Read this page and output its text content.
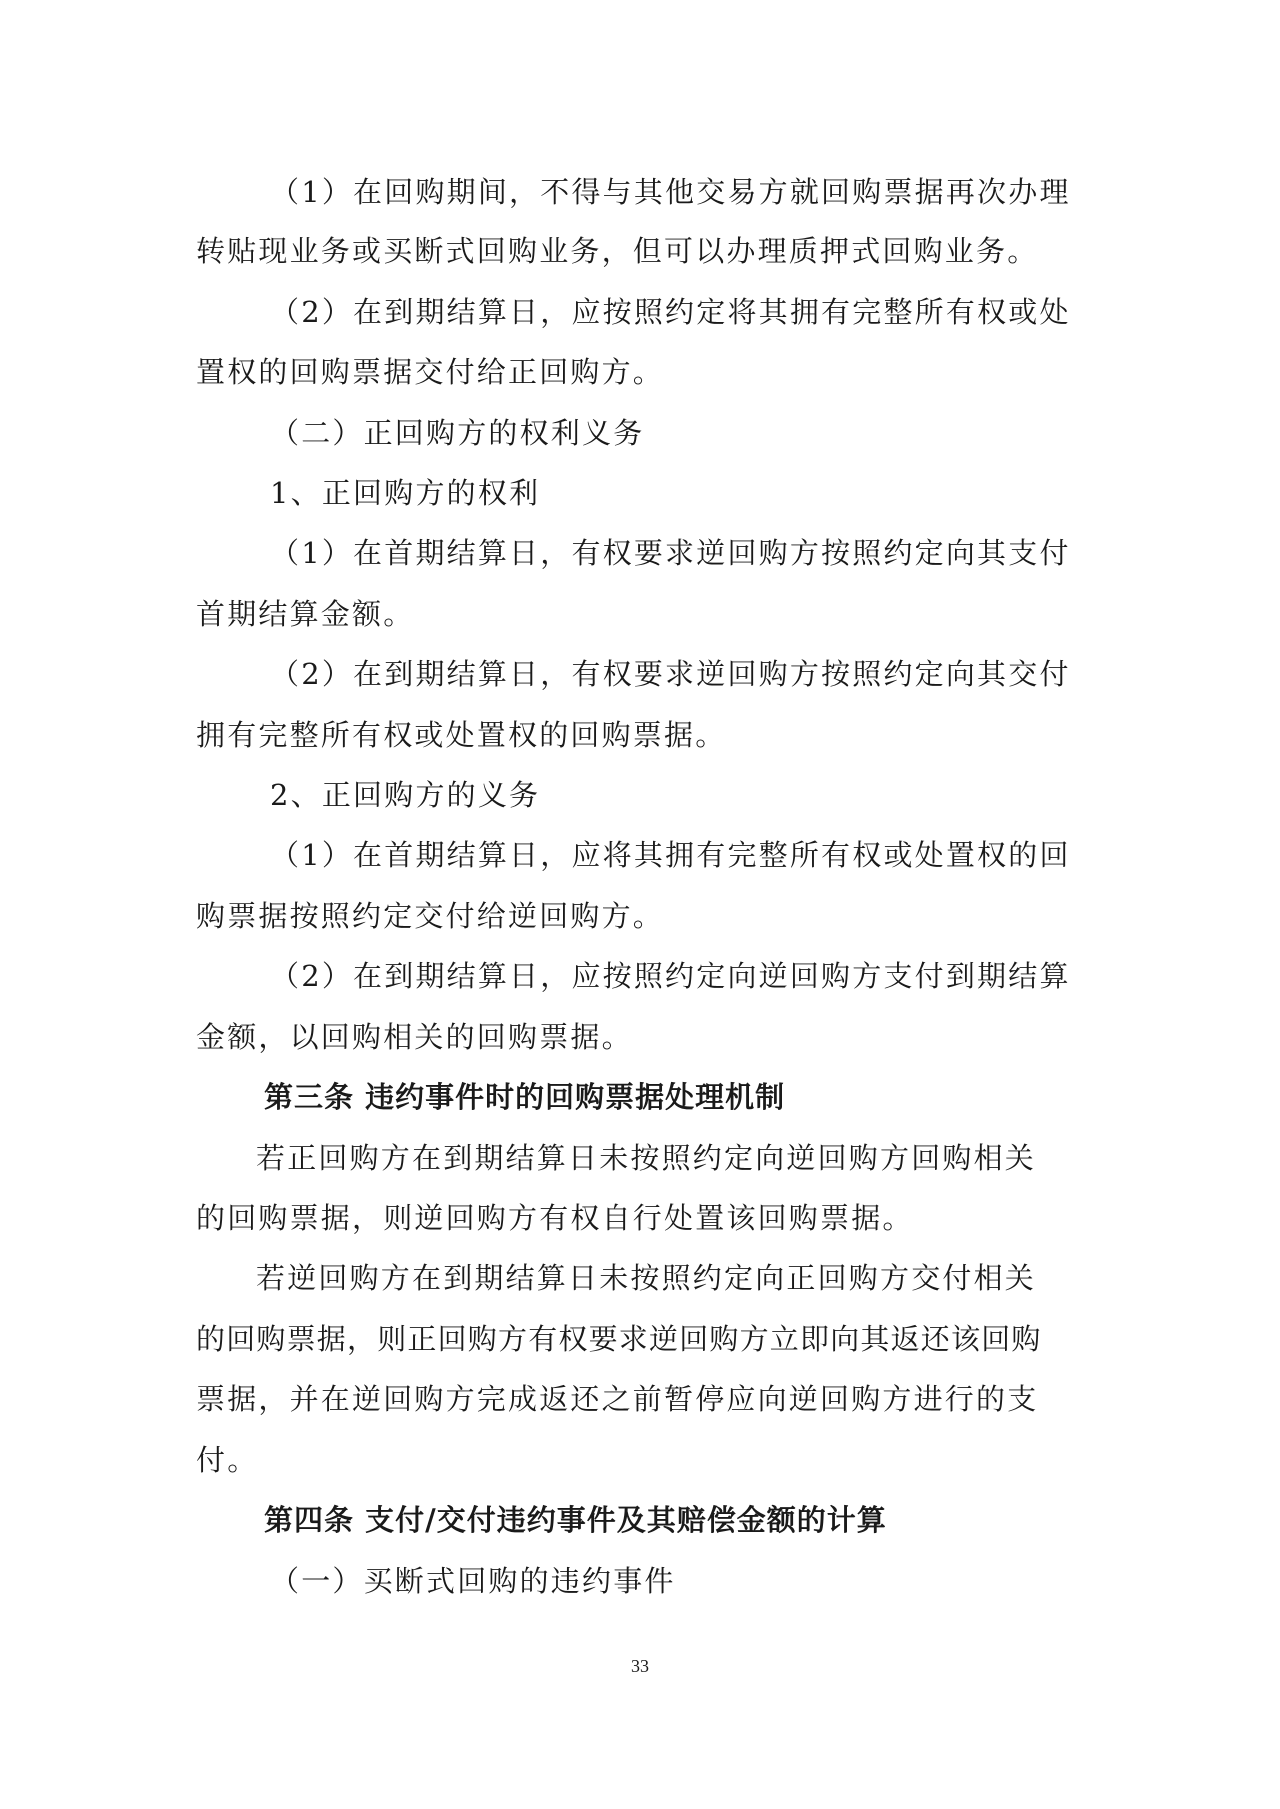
（1）在回购期间，不得与其他交易方就回购票据再次办理
转贴现业务或买断式回购业务，但可以办理质押式回购业务。
（2）在到期结算日，应按照约定将其拥有完整所有权或处
置权的回购票据交付给正回购方。
（二）正回购方的权利义务
1、正回购方的权利
（1）在首期结算日，有权要求逆回购方按照约定向其支付
首期结算金额。
（2）在到期结算日，有权要求逆回购方按照约定向其交付
拥有完整所有权或处置权的回购票据。
2、正回购方的义务
（1）在首期结算日，应将其拥有完整所有权或处置权的回
购票据按照约定交付给逆回购方。
（2）在到期结算日，应按照约定向逆回购方支付到期结算
金额，以回购相关的回购票据。
第三条 违约事件时的回购票据处理机制
若正回购方在到期结算日未按照约定向逆回购方回购相关
的回购票据，则逆回购方有权自行处置该回购票据。
若逆回购方在到期结算日未按照约定向正回购方交付相关
的回购票据，则正回购方有权要求逆回购方立即向其返还该回购
票据，并在逆回购方完成返还之前暂停应向逆回购方进行的支
付。
第四条 支付/交付违约事件及其赔偿金额的计算
（一）买断式回购的违约事件
33
